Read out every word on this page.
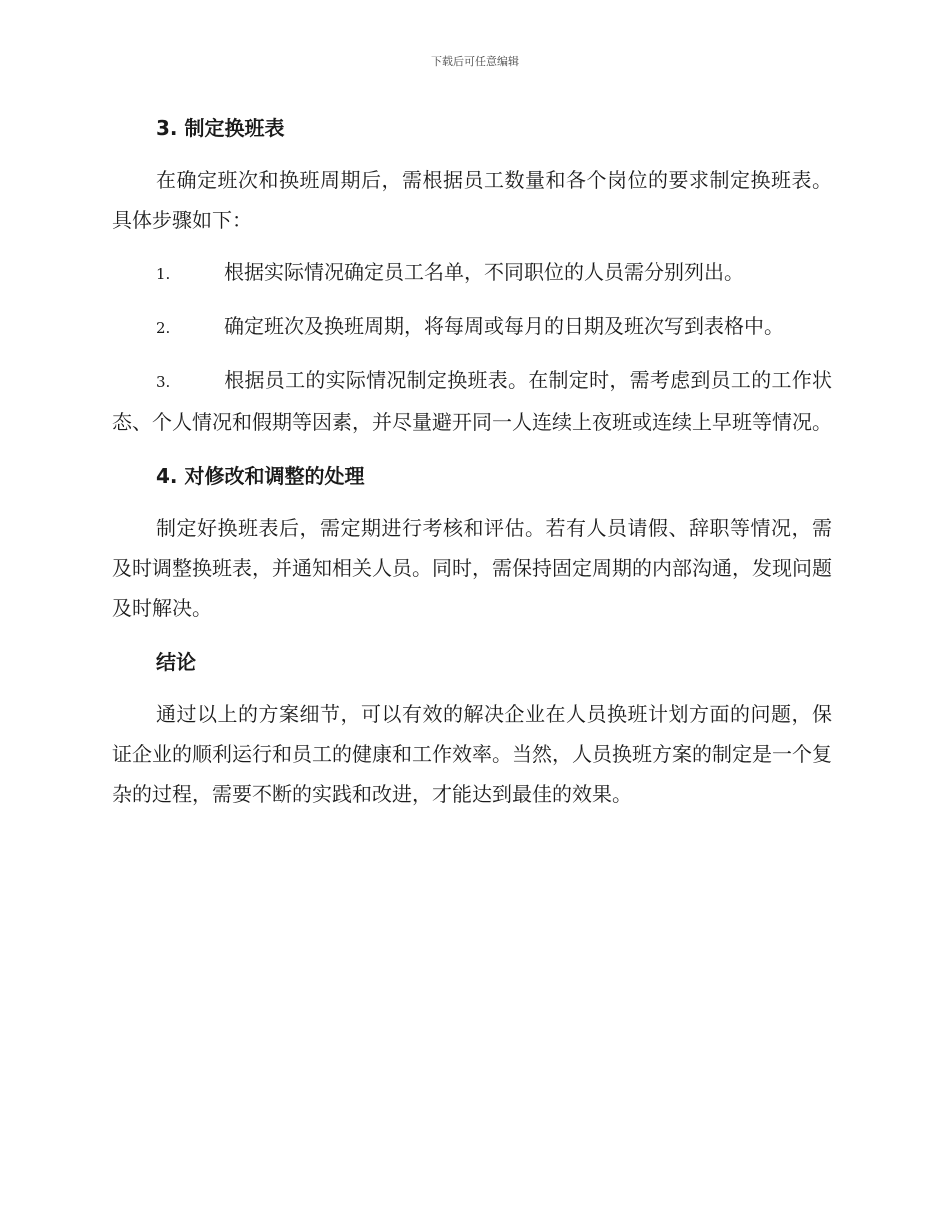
下载后可任意编辑
3. 制定换班表

在确定班次和换班周期后，需根据员工数量和各个岗位的要求制定换班表。具体步骤如下：

1.	根据实际情况确定员工名单，不同职位的人员需分别列出。

2.	确定班次及换班周期，将每周或每月的日期及班次写到表格中。

3.	根据员工的实际情况制定换班表。在制定时，需考虑到员工的工作状态、个人情况和假期等因素，并尽量避开同一人连续上夜班或连续上早班等情况。

4. 对修改和调整的处理

制定好换班表后，需定期进行考核和评估。若有人员请假、辞职等情况，需及时调整换班表，并通知相关人员。同时，需保持固定周期的内部沟通，发现问题及时解决。

结论

通过以上的方案细节，可以有效的解决企业在人员换班计划方面的问题，保证企业的顺利运行和员工的健康和工作效率。当然，人员换班方案的制定是一个复杂的过程，需要不断的实践和改进，才能达到最佳的效果。
